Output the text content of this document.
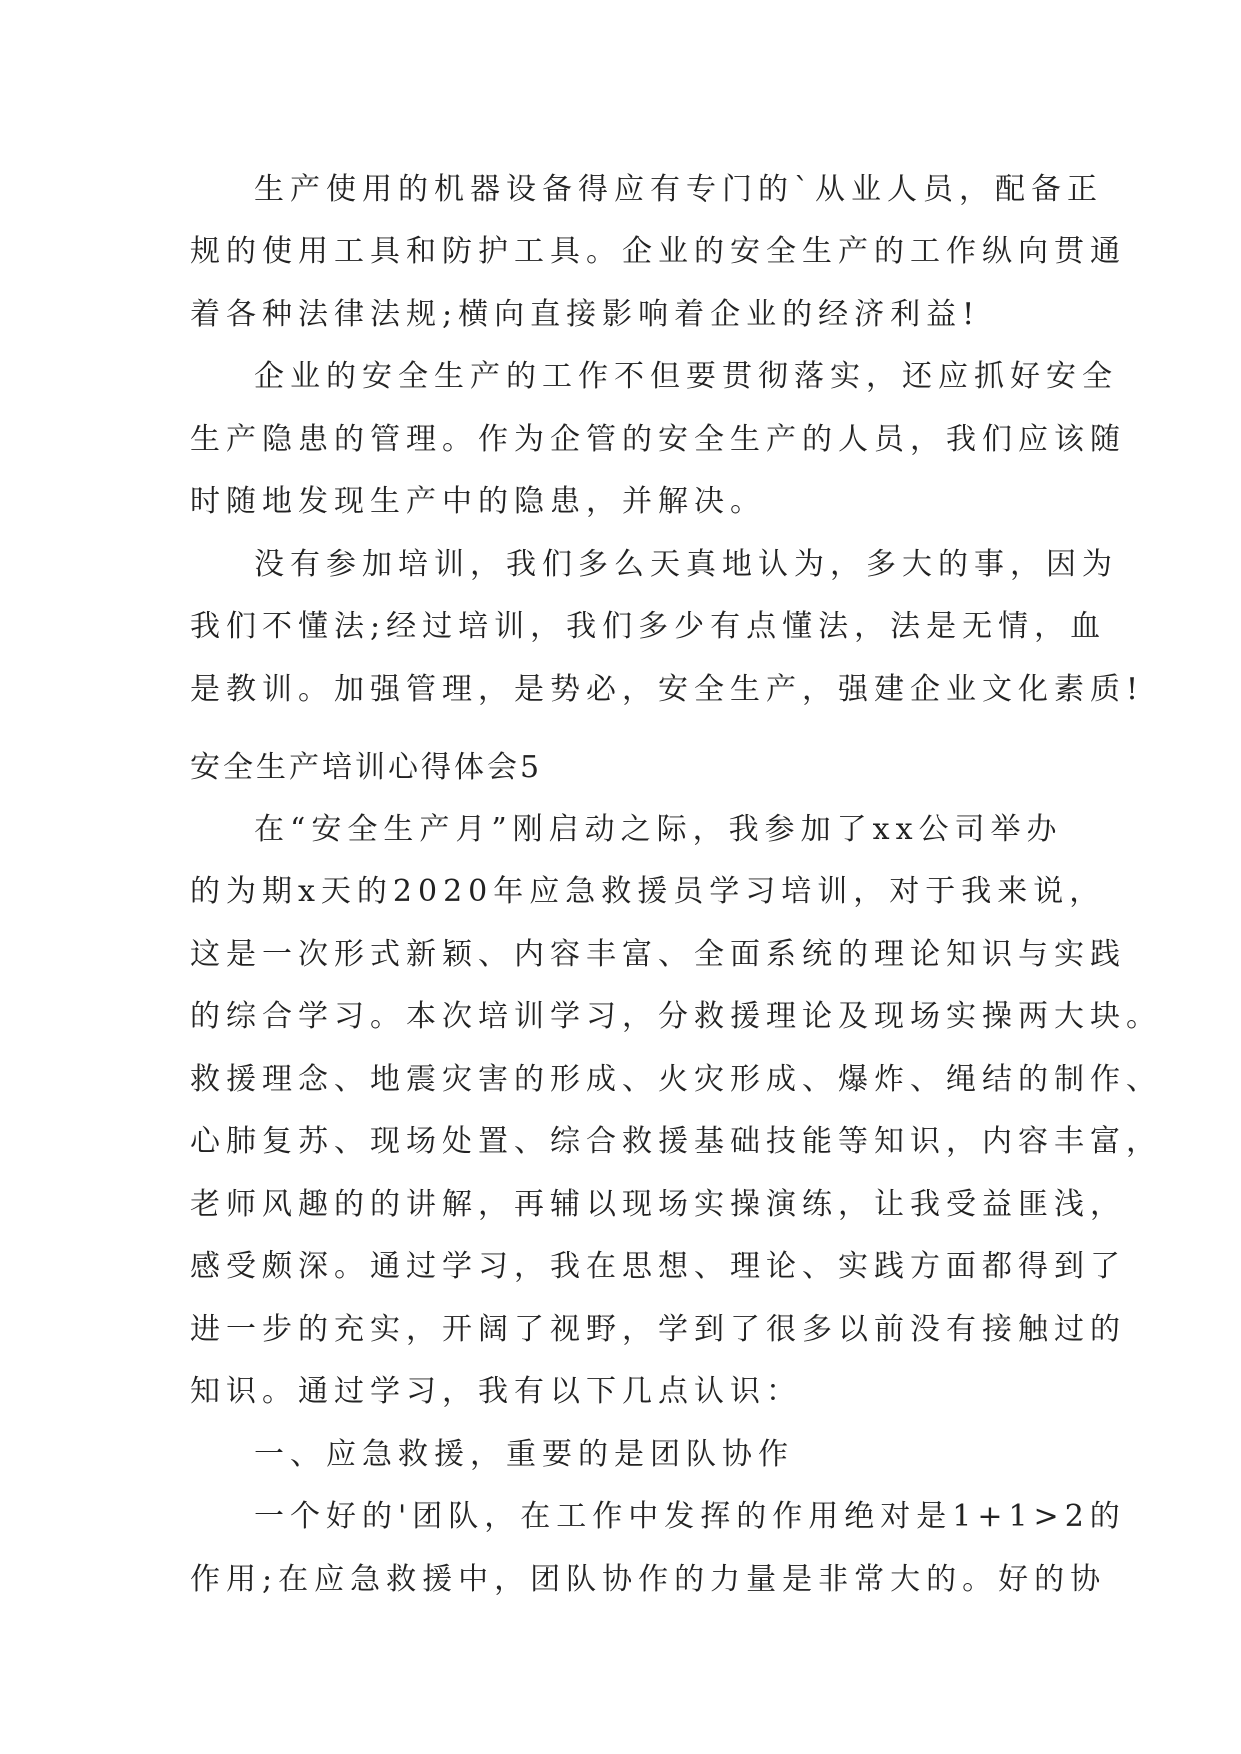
生产使用的机器设备得应有专门的`从业人员，配备正
规的使用工具和防护工具。企业的安全生产的工作纵向贯通
着各种法律法规;横向直接影响着企业的经济利益!
企业的安全生产的工作不但要贯彻落实，还应抓好安全
生产隐患的管理。作为企管的安全生产的人员，我们应该随
时随地发现生产中的隐患，并解决。
没有参加培训，我们多么天真地认为，多大的事，因为
我们不懂法;经过培训，我们多少有点懂法，法是无情，血
是教训。加强管理，是势必，安全生产，强建企业文化素质!
安全生产培训心得体会5
在“安全生产月”刚启动之际，我参加了xx公司举办
的为期x天的2020年应急救援员学习培训，对于我来说，
这是一次形式新颖、内容丰富、全面系统的理论知识与实践
的综合学习。本次培训学习，分救援理论及现场实操两大块。
救援理念、地震灾害的形成、火灾形成、爆炸、绳结的制作、
心肺复苏、现场处置、综合救援基础技能等知识，内容丰富，
老师风趣的的讲解，再辅以现场实操演练，让我受益匪浅，
感受颇深。通过学习，我在思想、理论、实践方面都得到了
进一步的充实，开阔了视野，学到了很多以前没有接触过的
知识。通过学习，我有以下几点认识：
一、应急救援，重要的是团队协作
一个好的'团队，在工作中发挥的作用绝对是1+1>2的
作用;在应急救援中，团队协作的力量是非常大的。好的协
